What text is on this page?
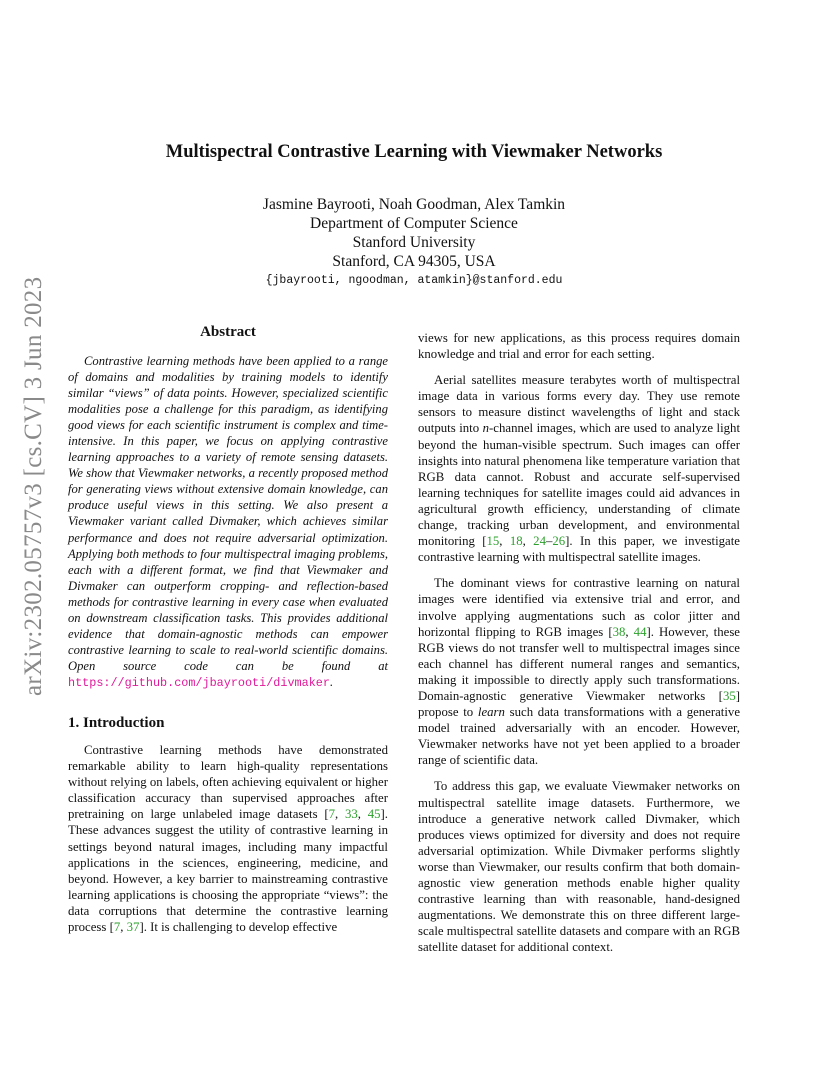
arXiv:2302.05757v3 [cs.CV] 3 Jun 2023
Multispectral Contrastive Learning with Viewmaker Networks
Jasmine Bayrooti, Noah Goodman, Alex Tamkin
Department of Computer Science
Stanford University
Stanford, CA 94305, USA
{jbayrooti, ngoodman, atamkin}@stanford.edu
Abstract

Contrastive learning methods have been applied to a range of domains and modalities by training models to identify similar “views” of data points. However, specialized scientific modalities pose a challenge for this paradigm, as identifying good views for each scientific instrument is complex and time-intensive. In this paper, we focus on applying contrastive learning approaches to a variety of remote sensing datasets. We show that Viewmaker networks, a recently proposed method for generating views without extensive domain knowledge, can produce useful views in this setting. We also present a Viewmaker variant called Divmaker, which achieves similar performance and does not require adversarial optimization. Applying both methods to four multispectral imaging problems, each with a different format, we find that Viewmaker and Divmaker can outperform cropping- and reflection-based methods for contrastive learning in every case when evaluated on downstream classification tasks. This provides additional evidence that domain-agnostic methods can empower contrastive learning to scale to real-world scientific domains. Open source code can be found at https://github.com/jbayrooti/divmaker.

1. Introduction

Contrastive learning methods have demonstrated remarkable ability to learn high-quality representations without relying on labels, often achieving equivalent or higher classification accuracy than supervised approaches after pretraining on large unlabeled image datasets [7, 33, 45]. These advances suggest the utility of contrastive learning in settings beyond natural images, including many impactful applications in the sciences, engineering, medicine, and beyond. However, a key barrier to mainstreaming contrastive learning applications is choosing the appropriate “views”: the data corruptions that determine the contrastive learning process [7, 37]. It is challenging to develop effective

views for new applications, as this process requires domain knowledge and trial and error for each setting.

Aerial satellites measure terabytes worth of multispectral image data in various forms every day. They use remote sensors to measure distinct wavelengths of light and stack outputs into n-channel images, which are used to analyze light beyond the human-visible spectrum. Such images can offer insights into natural phenomena like temperature variation that RGB data cannot. Robust and accurate self-supervised learning techniques for satellite images could aid advances in agricultural growth efficiency, understanding of climate change, tracking urban development, and environmental monitoring [15, 18, 24–26]. In this paper, we investigate contrastive learning with multispectral satellite images.

The dominant views for contrastive learning on natural images were identified via extensive trial and error, and involve applying augmentations such as color jitter and horizontal flipping to RGB images [38, 44]. However, these RGB views do not transfer well to multispectral images since each channel has different numeral ranges and semantics, making it impossible to directly apply such transformations. Domain-agnostic generative Viewmaker networks [35] propose to learn such data transformations with a generative model trained adversarially with an encoder. However, Viewmaker networks have not yet been applied to a broader range of scientific data.

To address this gap, we evaluate Viewmaker networks on multispectral satellite image datasets. Furthermore, we introduce a generative network called Divmaker, which produces views optimized for diversity and does not require adversarial optimization. While Divmaker performs slightly worse than Viewmaker, our results confirm that both domain-agnostic view generation methods enable higher quality contrastive learning than with reasonable, hand-designed augmentations. We demonstrate this on three different large-scale multispectral satellite datasets and compare with an RGB satellite dataset for additional context.
